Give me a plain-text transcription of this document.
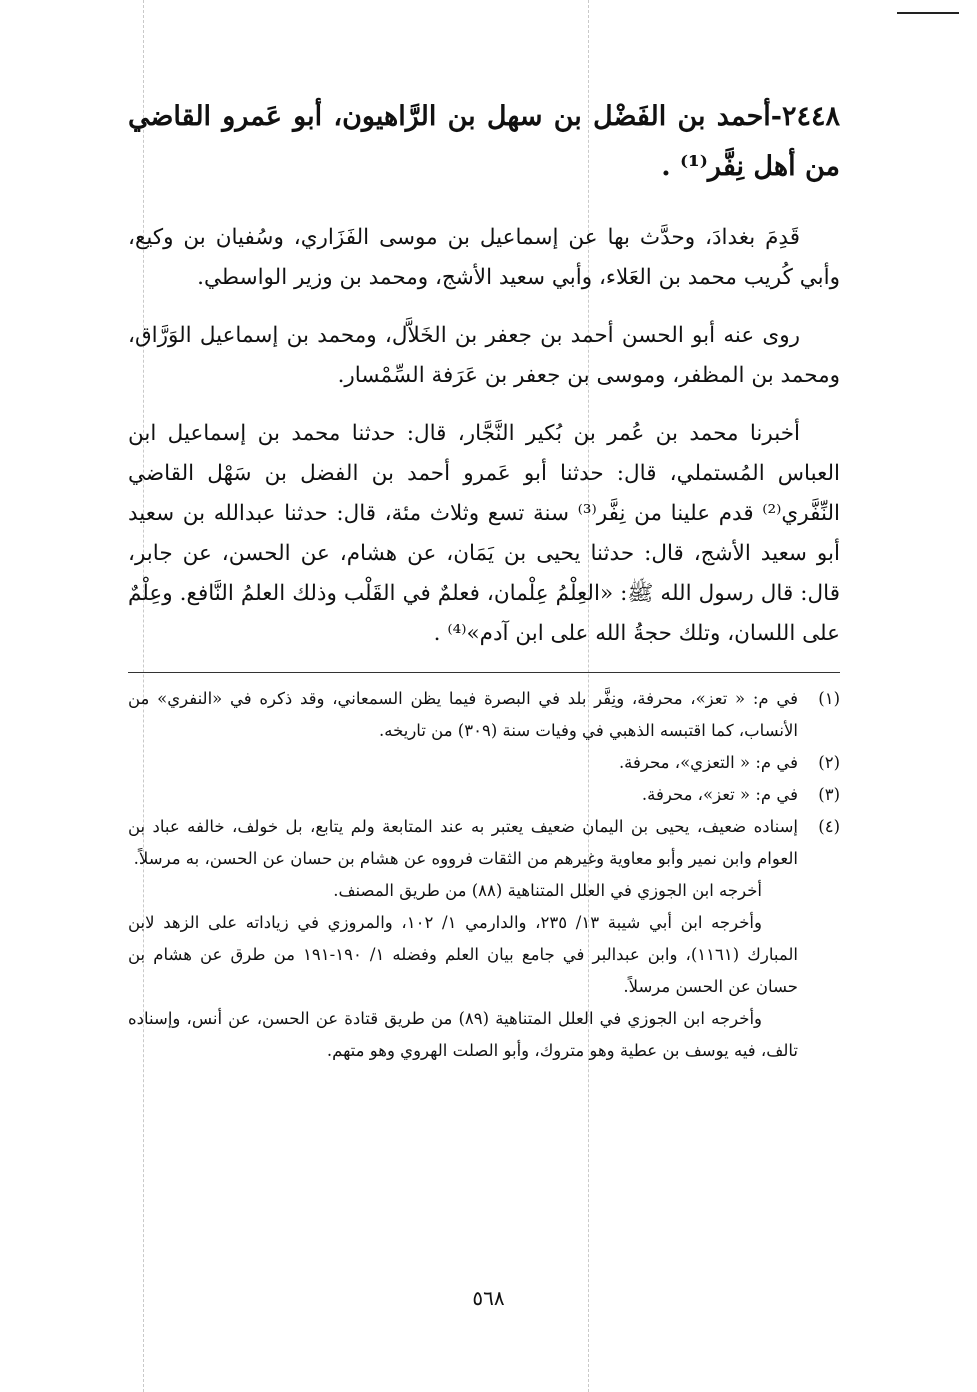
٢٤٤٨-أحمد بن الفَضْل بن سهل بن الرَّاهيون، أبو عَمرو القاضي من أهل نِفَّر⁽¹⁾ .

قَدِمَ بغدادَ، وحدَّث بها عن إسماعيل بن موسى الفَزَاري، وسُفيان بن وكيع، وأبي كُريب محمد بن العَلاء، وأبي سعيد الأشج، ومحمد بن وزير الواسطي.

روى عنه أبو الحسن أحمد بن جعفر بن الخَلاَّل، ومحمد بن إسماعيل الوَرَّاق، ومحمد بن المظفر، وموسى بن جعفر بن عَرَفة السِّمْسار.

أخبرنا محمد بن عُمر بن بُكير النَّجَّار، قال: حدثنا محمد بن إسماعيل ابن العباس المُستملي، قال: حدثنا أبو عَمرو أحمد بن الفضل بن سَهْل القاضي النِّفَّري⁽²⁾ قدم علينا من نِفَّر⁽³⁾ سنة تسع وثلاث مئة، قال: حدثنا عبدالله بن سعيد أبو سعيد الأشج، قال: حدثنا يحيى بن يَمَان، عن هشام، عن الحسن، عن جابر، قال: قال رسول الله ﷺ: «العِلْمُ عِلْمان، فعلمٌ في القَلْب وذلك العلمُ النَّافع. وعِلْمٌ على اللسان، وتلك حجةُ الله على ابن آدم»⁽⁴⁾ .

(١)
في م: « تعز»، محرفة، ونِفَّر بلد في البصرة فيما يظن السمعاني، وقد ذكره في «النفري» من الأنساب، كما اقتبسه الذهبي في وفيات سنة (٣٠٩) من تاريخه.
(٢)
في م: « التعزي»، محرفة.
(٣)
في م: « تعز»، محرفة.
(٤)
إسناده ضعيف، يحيى بن اليمان ضعيف يعتبر به عند المتابعة ولم يتابع، بل خولف، خالفه عباد بن العوام وابن نمير وأبو معاوية وغيرهم من الثقات فرووه عن هشام بن حسان عن الحسن، به مرسلاً.

أخرجه ابن الجوزي في العلل المتناهية (٨٨) من طريق المصنف.

وأخرجه ابن أبي شيبة ١٣/ ٢٣٥، والدارمي ١/ ١٠٢، والمروزي في زياداته على الزهد لابن المبارك (١١٦١)، وابن عبدالبر في جامع بيان العلم وفضله ١/ ١٩٠-١٩١ من طرق عن هشام بن حسان عن الحسن مرسلاً.

وأخرجه ابن الجوزي في العلل المتناهية (٨٩) من طريق قتادة عن الحسن، عن أنس، وإسناده تالف، فيه يوسف بن عطية وهو متروك، وأبو الصلت الهروي وهو متهم.

٥٦٨
